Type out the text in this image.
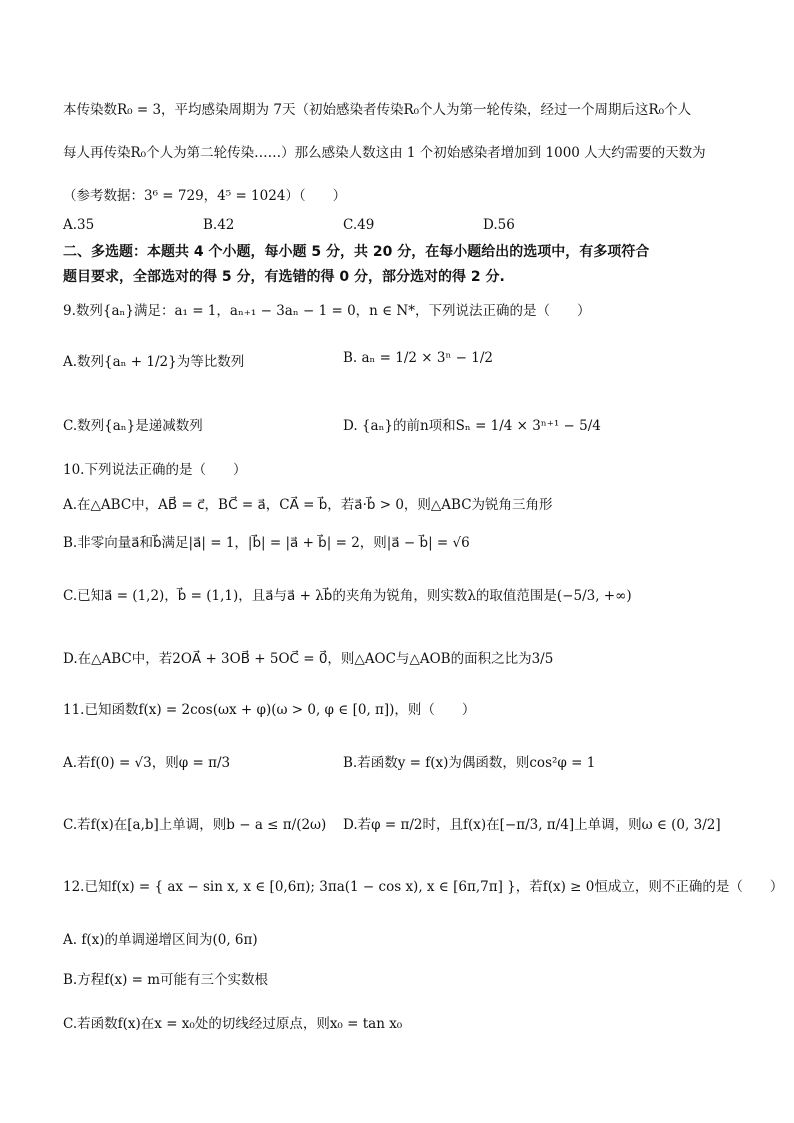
本传染数R₀ = 3，平均感染周期为 7天（初始感染者传染R₀个人为第一轮传染，经过一个周期后这R₀个人
每人再传染R₀个人为第二轮传染……）那么感染人数这由 1 个初始感染者增加到 1000 人大约需要的天数为
（参考数据：3⁶ = 729，4⁵ = 1024）（　　）
A.35	B.42	C.49	D.56
二、多选题：本题共 4 个小题，每小题 5 分，共 20 分，在每小题给出的选项中，有多项符合
题目要求，全部选对的得 5 分，有选错的得 0 分，部分选对的得 2 分.
9.数列{aₙ}满足：a₁ = 1，aₙ₊₁ − 3aₙ − 1 = 0，n ∈ N*，下列说法正确的是（　　）
A.数列{aₙ + 1/2}为等比数列	B. aₙ = 1/2 × 3ⁿ − 1/2
C.数列{aₙ}是递减数列	D. {aₙ}的前n项和Sₙ = 1/4 × 3ⁿ⁺¹ − 5/4
10.下列说法正确的是（　　）
A.在△ABC中，AB⃗ = c⃗，BC⃗ = a⃗，CA⃗ = b⃗，若a⃗·b⃗ > 0，则△ABC为锐角三角形
B.非零向量a⃗和b⃗满足|a⃗| = 1，|b⃗| = |a⃗ + b⃗| = 2，则|a⃗ − b⃗| = √6
C.已知a⃗ = (1,2)，b⃗ = (1,1)，且a⃗与a⃗ + λb⃗的夹角为锐角，则实数λ的取值范围是(−5/3, +∞)
D.在△ABC中，若2OA⃗ + 3OB⃗ + 5OC⃗ = 0⃗，则△AOC与△AOB的面积之比为3/5
11.已知函数f(x) = 2cos(ωx + φ)(ω > 0, φ ∈ [0, π])，则（　　）
A.若f(0) = √3，则φ = π/3	B.若函数y = f(x)为偶函数，则cos²φ = 1
C.若f(x)在[a,b]上单调，则b − a ≤ π/(2ω) D.若φ = π/2时，且f(x)在[−π/3, π/4]上单调，则ω ∈ (0, 3/2]
12.已知f(x) = { ax − sin x, x ∈ [0,6π); 3πa(1 − cos x), x ∈ [6π,7π] }，若f(x) ≥ 0恒成立，则不正确的是（　　）
A. f(x)的单调递增区间为(0, 6π)
B.方程f(x) = m可能有三个实数根
C.若函数f(x)在x = x₀处的切线经过原点，则x₀ = tan x₀
